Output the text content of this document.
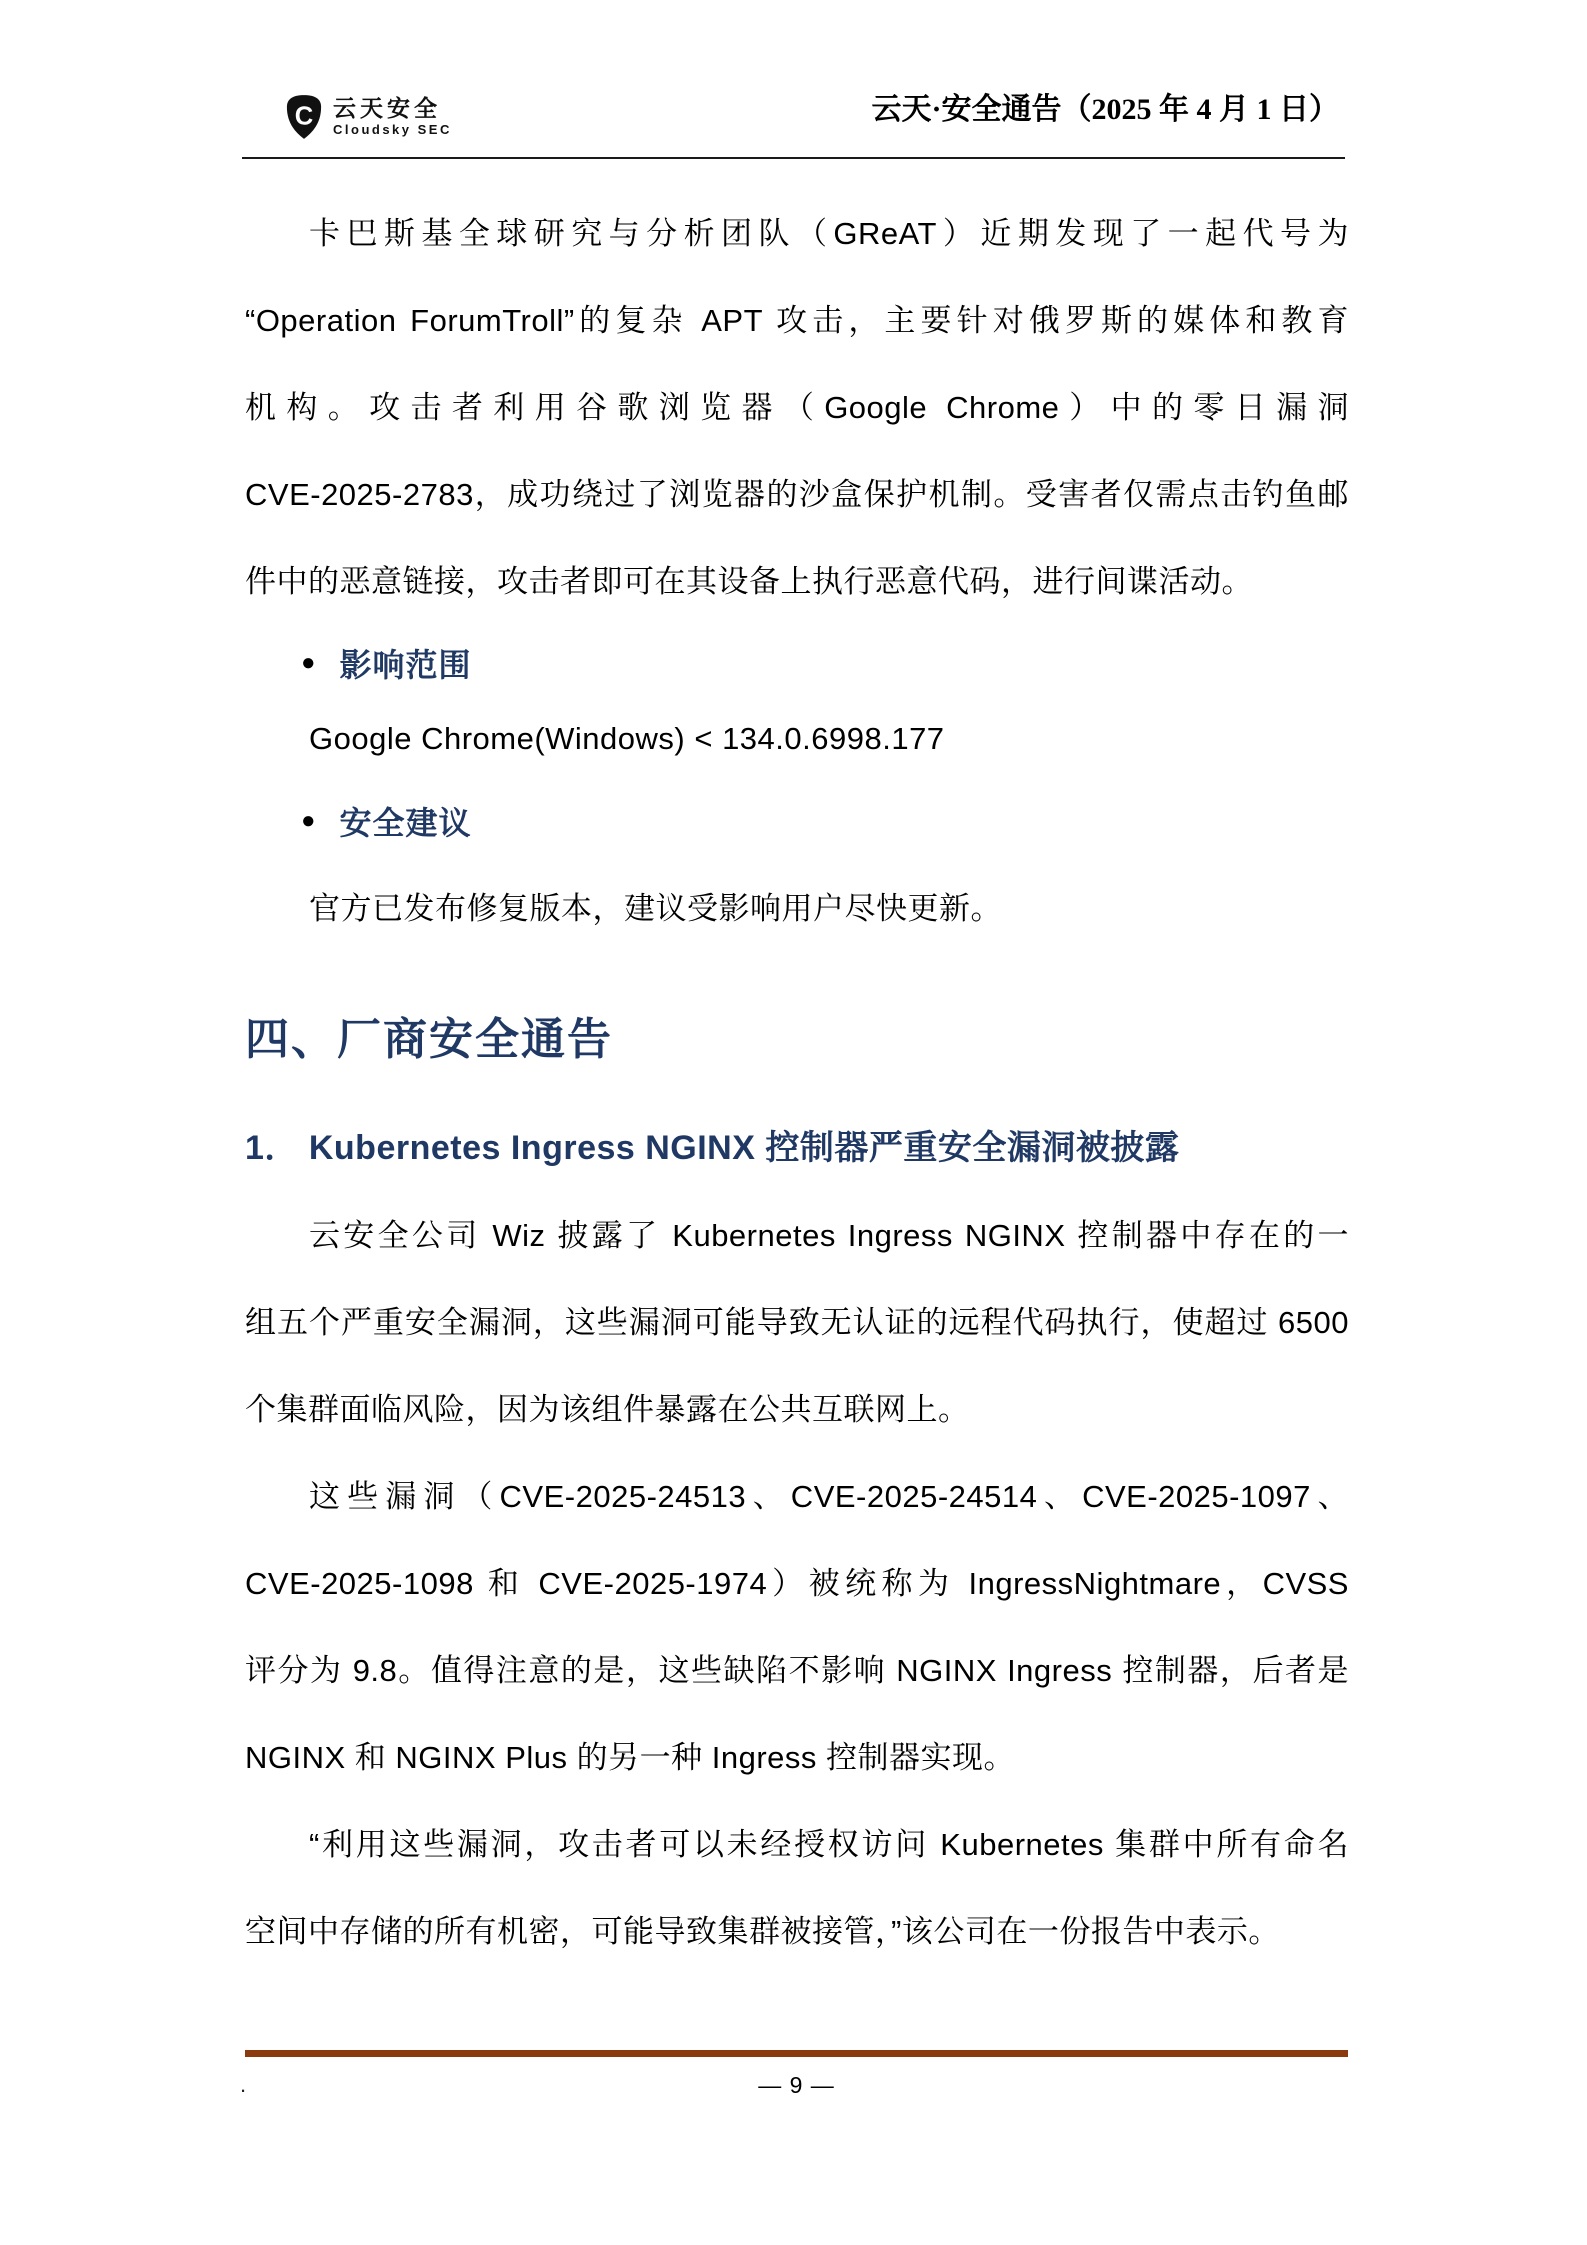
C 云天安全
Cloudsky SEC
云天·安全通告（2025 年 4 月 1 日）
卡巴斯基全球研究与分析团队（GReAT）近期发现了一起代号为
“Operation ForumTroll”的复杂 APT 攻击，主要针对俄罗斯的媒体和教育
机构。攻击者利用谷歌浏览器（Google Chrome）中的零日漏洞
CVE-2025-2783，成功绕过了浏览器的沙盒保护机制。受害者仅需点击钓鱼邮
件中的恶意链接，攻击者即可在其设备上执行恶意代码，进行间谍活动。
● 影响范围
Google Chrome(Windows) < 134.0.6998.177
● 安全建议
官方已发布修复版本，建议受影响用户尽快更新。
四、厂商安全通告
1． Kubernetes Ingress NGINX 控制器严重安全漏洞被披露
云安全公司 Wiz 披露了 Kubernetes Ingress NGINX 控制器中存在的一
组五个严重安全漏洞，这些漏洞可能导致无认证的远程代码执行，使超过 6500
个集群面临风险，因为该组件暴露在公共互联网上。
这些漏洞（CVE-2025-24513、CVE-2025-24514、CVE-2025-1097、
CVE-2025-1098 和 CVE-2025-1974）被统称为 IngressNightmare，CVSS
评分为 9.8。值得注意的是，这些缺陷不影响 NGINX Ingress 控制器，后者是
NGINX 和 NGINX Plus 的另一种 Ingress 控制器实现。
“利用这些漏洞，攻击者可以未经授权访问 Kubernetes 集群中所有命名
空间中存储的所有机密，可能导致集群被接管，”该公司在一份报告中表示。
.	— 9 —
